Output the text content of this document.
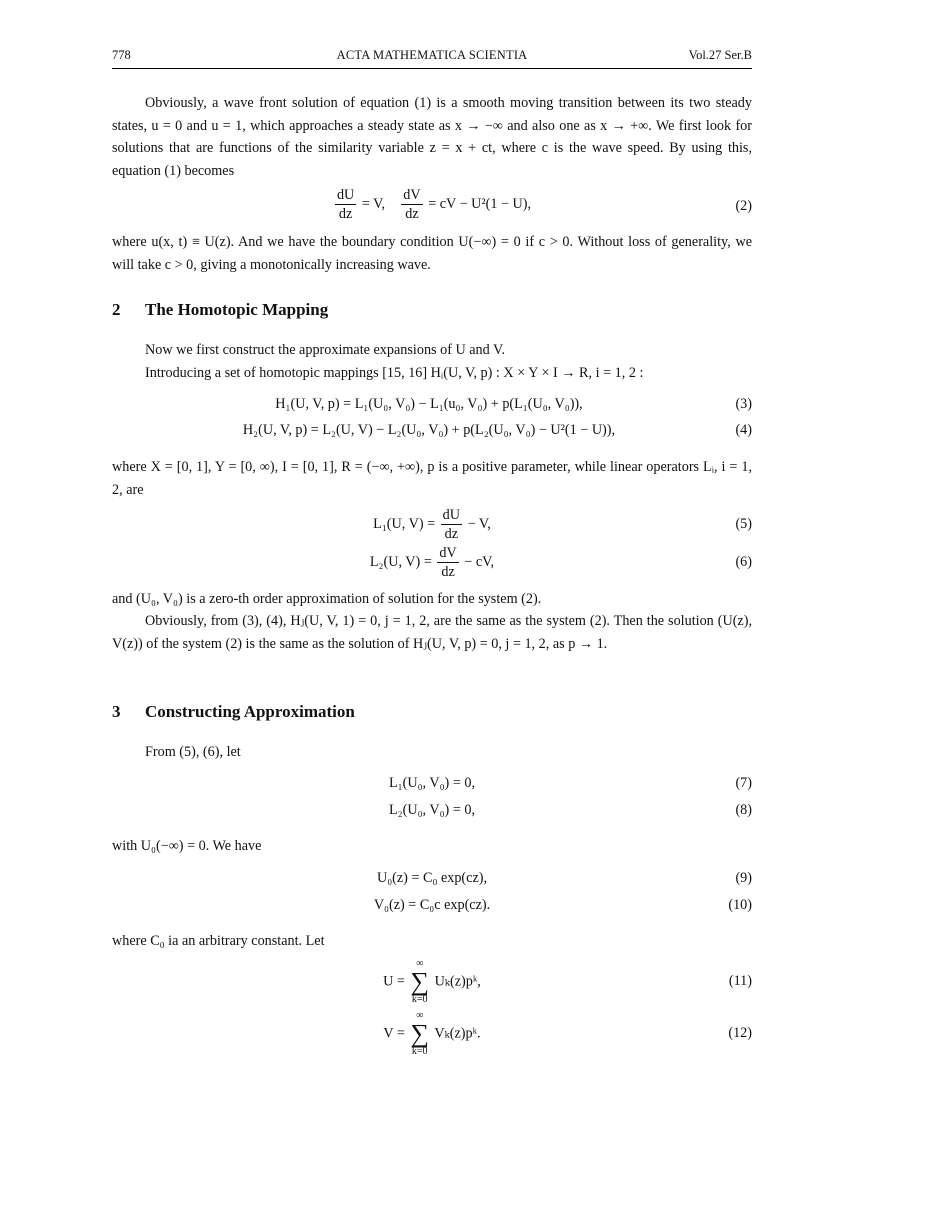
778	ACTA MATHEMATICA SCIENTIA	Vol.27 Ser.B
Obviously, a wave front solution of equation (1) is a smooth moving transition between its two steady states, u = 0 and u = 1, which approaches a steady state as x → −∞ and also one as x → +∞. We first look for solutions that are functions of the similarity variable z = x + ct, where c is the wave speed. By using this, equation (1) becomes
$\frac{dU}{dz} = V$, $\frac{dV}{dz}$ = cV − U²(1 − U),	(2)
where u(x, t) ≡ U(z). And we have the boundary condition U(−∞) = 0 if c > 0. Without loss of generality, we will take c > 0, giving a monotonically increasing wave.
2 The Homotopic Mapping
Now we first construct the approximate expansions of U and V.
Introducing a set of homotopic mappings [15, 16] Hᵢ(U, V, p) : X × Y × I → R, i = 1, 2 :
H₁(U, V, p) = L₁(U₀, V₀) − L₁(u₀, V₀) + p(L₁(U₀, V₀)),	(3)
H₂(U, V, p) = L₂(U, V) − L₂(U₀, V₀) + p(L₂(U₀, V₀) − U²(1 − U)),	(4)
where X = [0, 1], Y = [0, ∞), I = [0, 1], R = (−∞, +∞), p is a positive parameter, while linear operators Lᵢ, i = 1, 2, are
L₁(U, $V) = \frac{dU}{dz} - V$,	(5)
L₂(U, $V) = \frac{dV}{dz}$ − cV,	(6)
and (U₀, V₀) is a zero-th order approximation of solution for the system (2).
Obviously, from (3), (4), Hⱼ(U, V, 1) = 0, j = 1, 2, are the same as the system (2). Then the solution (U(z), V(z)) of the system (2) is the same as the solution of Hⱼ(U, V, p) = 0, j = 1, 2, as p → 1.
3 Constructing Approximation
From (5), (6), let
L₁(U₀, V₀) = 0,	(7)
L₂(U₀, V₀) = 0,	(8)
with U₀(−∞) = 0. We have
U₀(z) = C₀ exp(cz),	(9)
V₀(z) = C₀c exp(cz).	(10)
where C₀ ia an arbitrary constant. Let
U =
∞
∑
k=0
Uₖ(z)pᵏ,	(11)
V =
∞
∑
k=0
Vₖ(z)pᵏ.	(12)
